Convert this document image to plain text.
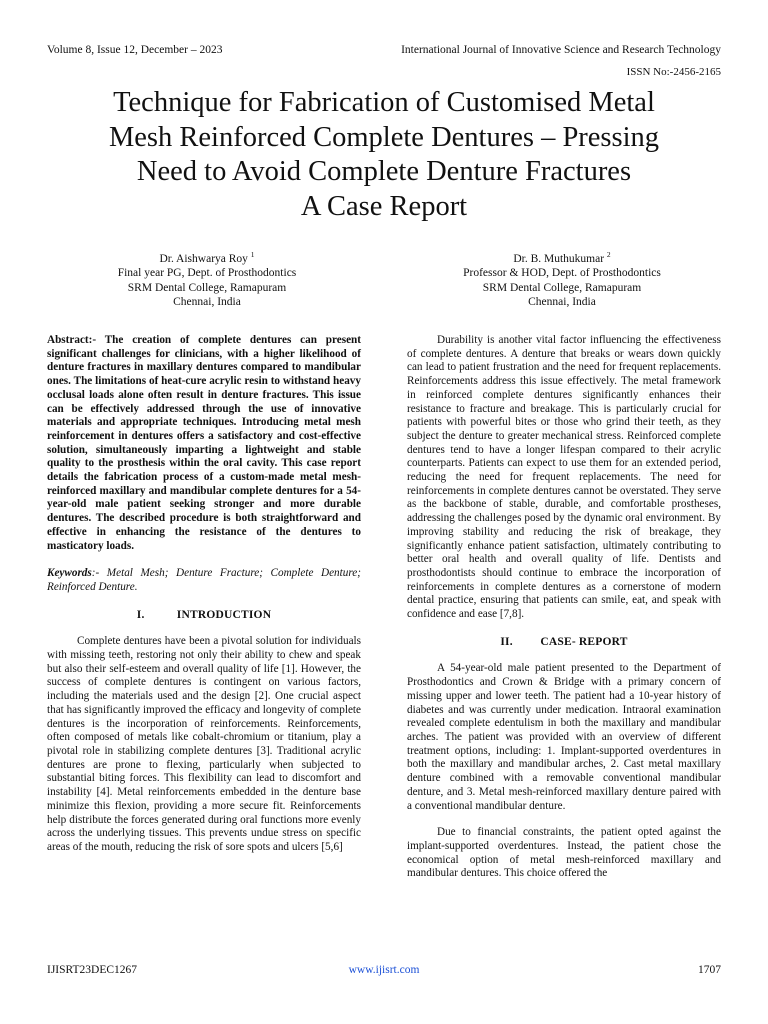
Volume 8, Issue 12, December – 2023	International Journal of Innovative Science and Research Technology
ISSN No:-2456-2165
Technique for Fabrication of Customised Metal
Mesh Reinforced Complete Dentures – Pressing
Need to Avoid Complete Denture Fractures
A Case Report
Dr. Aishwarya Roy $^1$
Final year PG, Dept. of Prosthodontics
SRM Dental College, Ramapuram
Chennai, India
Dr. B. Muthukumar $^2$
Professor & HOD, Dept. of Prosthodontics
SRM Dental College, Ramapuram
Chennai, India

Abstract:- The creation of complete dentures can present significant challenges for clinicians, with a higher likelihood of denture fractures in maxillary dentures compared to mandibular ones. The limitations of heat-cure acrylic resin to withstand heavy occlusal loads alone often result in denture fractures. This issue can be effectively addressed through the use of innovative materials and appropriate techniques. Introducing metal mesh reinforcement in dentures offers a satisfactory and cost-effective solution, simultaneously imparting a lightweight and stable quality to the prosthesis within the oral cavity. This case report details the fabrication process of a custom-made metal mesh-reinforced maxillary and mandibular complete dentures for a 54-year-old male patient seeking stronger and more durable dentures. The described procedure is both straightforward and effective in enhancing the resistance of the dentures to masticatory loads.

Keywords:- Metal Mesh; Denture Fracture; Complete Denture; Reinforced Denture.

I.	INTRODUCTION

Complete dentures have been a pivotal solution for individuals with missing teeth, restoring not only their ability to chew and speak but also their self-esteem and overall quality of life [1]. However, the success of complete dentures is contingent on various factors, including the materials used and the design [2]. One crucial aspect that has significantly improved the efficacy and longevity of complete dentures is the incorporation of reinforcements. Reinforcements, often composed of metals like cobalt-chromium or titanium, play a pivotal role in stabilizing complete dentures [3]. Traditional acrylic dentures are prone to flexing, particularly when subjected to substantial biting forces. This flexibility can lead to discomfort and instability [4]. Metal reinforcements embedded in the denture base minimize this flexion, providing a more secure fit. Reinforcements help distribute the forces generated during oral functions more evenly across the underlying tissues. This prevents undue stress on specific areas of the mouth, reducing the risk of sore spots and ulcers [5,6]

Durability is another vital factor influencing the effectiveness of complete dentures. A denture that breaks or wears down quickly can lead to patient frustration and the need for frequent replacements. Reinforcements address this issue effectively. The metal framework in reinforced complete dentures significantly enhances their resistance to fracture and breakage. This is particularly crucial for patients with powerful bites or those who grind their teeth, as they subject the denture to greater mechanical stress. Reinforced complete dentures tend to have a longer lifespan compared to their acrylic counterparts. Patients can expect to use them for an extended period, reducing the need for frequent replacements. The need for reinforcements in complete dentures cannot be overstated. They serve as the backbone of stable, durable, and comfortable prostheses, addressing the challenges posed by the dynamic oral environment. By improving stability and reducing the risk of breakage, they significantly enhance patient satisfaction, ultimately contributing to better oral health and overall quality of life. Dentists and prosthodontists should continue to embrace the incorporation of reinforcements in complete dentures as a cornerstone of modern dental practice, ensuring that patients can smile, eat, and speak with confidence and ease [7,8].

II. CASE- REPORT

A 54-year-old male patient presented to the Department of Prosthodontics and Crown & Bridge with a primary concern of missing upper and lower teeth. The patient had a 10-year history of diabetes and was currently under medication. Intraoral examination revealed complete edentulism in both the maxillary and mandibular arches. The patient was provided with an overview of different treatment options, including: 1. Implant-supported overdentures in both the maxillary and mandibular arches, 2. Cast metal maxillary denture combined with a removable conventional mandibular denture, and 3. Metal mesh-reinforced maxillary denture paired with a conventional mandibular denture.

Due to financial constraints, the patient opted against the implant-supported overdentures. Instead, the patient chose the economical option of metal mesh-reinforced maxillary and mandibular dentures. This choice offered the

IJISRT23DEC1267	www.ijisrt.com	1707
